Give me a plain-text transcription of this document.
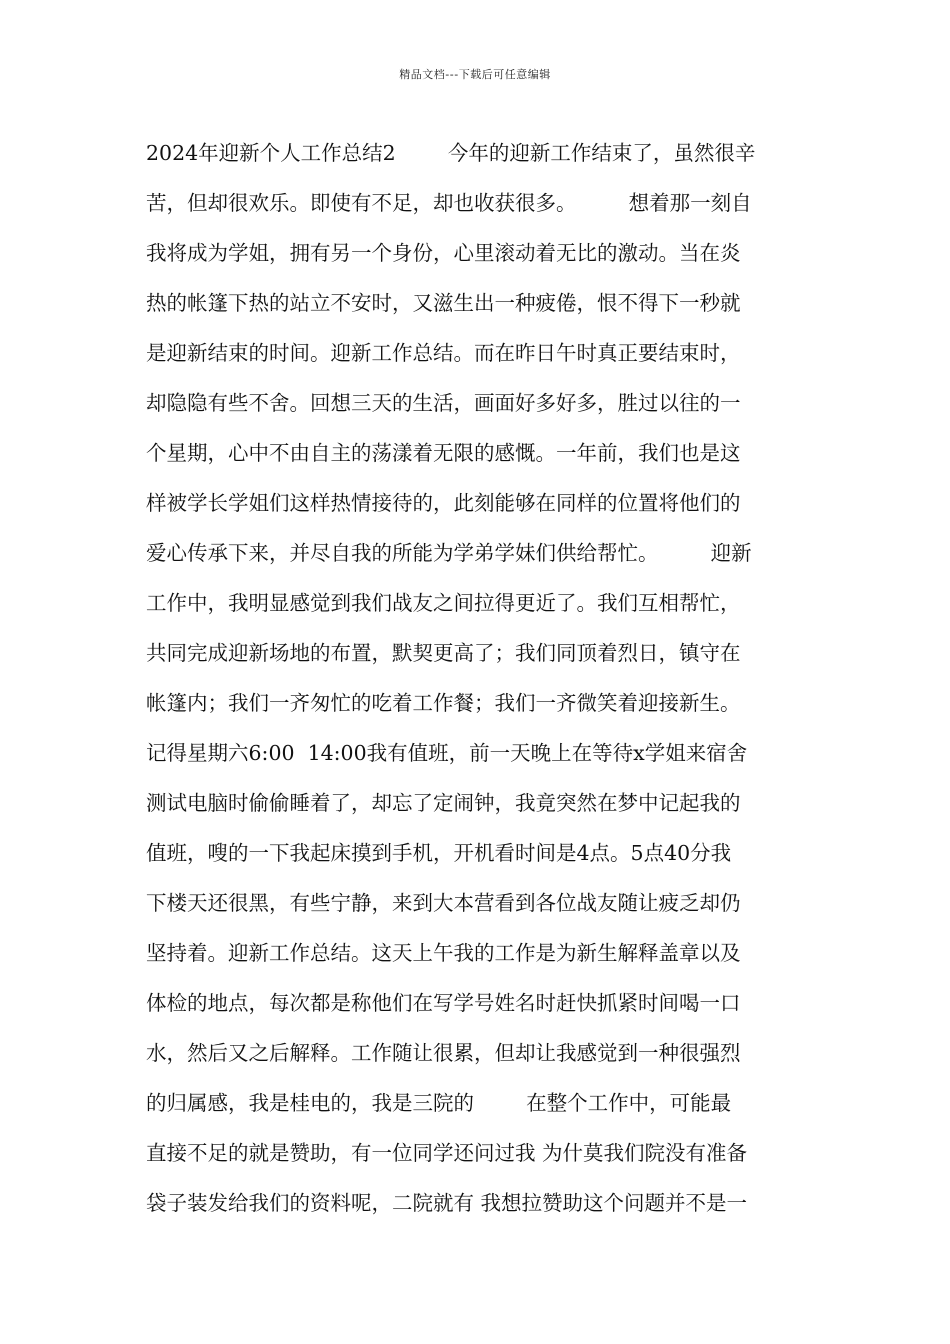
精品文档---下载后可任意编辑
2024年迎新个人工作总结2        今年的迎新工作结束了，虽然很辛
苦，但却很欢乐。即使有不足，却也收获很多。        想着那一刻自
我将成为学姐，拥有另一个身份，心里滚动着无比的激动。当在炎
热的帐篷下热的站立不安时，又滋生出一种疲倦，恨不得下一秒就
是迎新结束的时间。迎新工作总结。而在昨日午时真正要结束时，
却隐隐有些不舍。回想三天的生活，画面好多好多，胜过以往的一
个星期，心中不由自主的荡漾着无限的感慨。一年前，我们也是这
样被学长学姐们这样热情接待的，此刻能够在同样的位置将他们的
爱心传承下来，并尽自我的所能为学弟学妹们供给帮忙。        迎新
工作中，我明显感觉到我们战友之间拉得更近了。我们互相帮忙，
共同完成迎新场地的布置，默契更高了；我们同顶着烈日，镇守在
帐篷内；我们一齐匆忙的吃着工作餐；我们一齐微笑着迎接新生。
记得星期六6:00  14:00我有值班，前一天晚上在等待x学姐来宿舍
测试电脑时偷偷睡着了，却忘了定闹钟，我竟突然在梦中记起我的
值班，嗖的一下我起床摸到手机，开机看时间是4点。5点40分我
下楼天还很黑，有些宁静，来到大本营看到各位战友随让疲乏却仍
坚持着。迎新工作总结。这天上午我的工作是为新生解释盖章以及
体检的地点，每次都是称他们在写学号姓名时赶快抓紧时间喝一口
水，然后又之后解释。工作随让很累，但却让我感觉到一种很强烈
的归属感，我是桂电的，我是三院的        在整个工作中，可能最
直接不足的就是赞助，有一位同学还问过我 为什莫我们院没有准备
袋子装发给我们的资料呢，二院就有 我想拉赞助这个问题并不是一
